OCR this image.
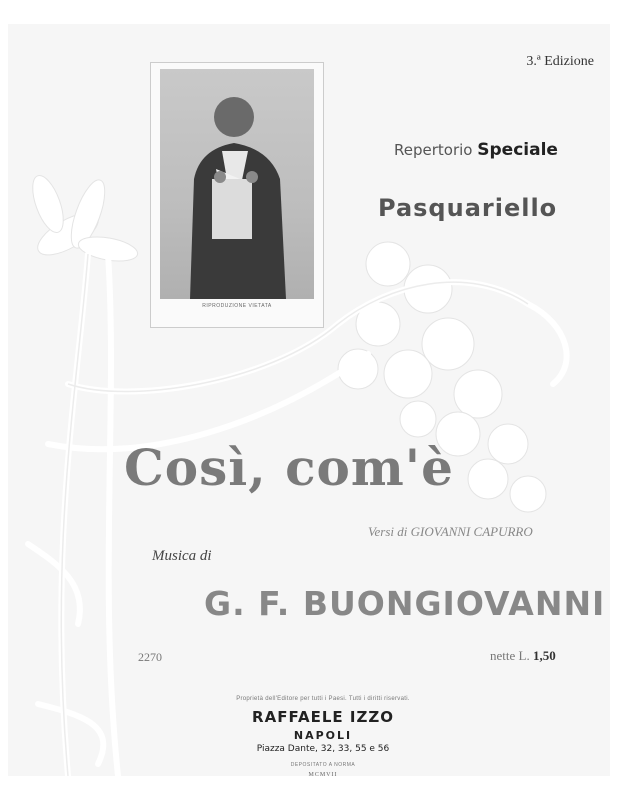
3.ª Edizione
RIPRODUZIONE VIETATA
Repertorio Speciale
Pasquariello
Così, com'è
Versi di GIOVANNI CAPURRO
Musica di
G. F. BUONGIOVANNI
2270	nette L. 1,50
Proprietà dell'Editore per tutti i Paesi. Tutti i diritti riservati.
RAFFAELE IZZO
NAPOLI
Piazza Dante, 32, 33, 55 e 56
DEPOSITATO A NORMA
MCMVII
